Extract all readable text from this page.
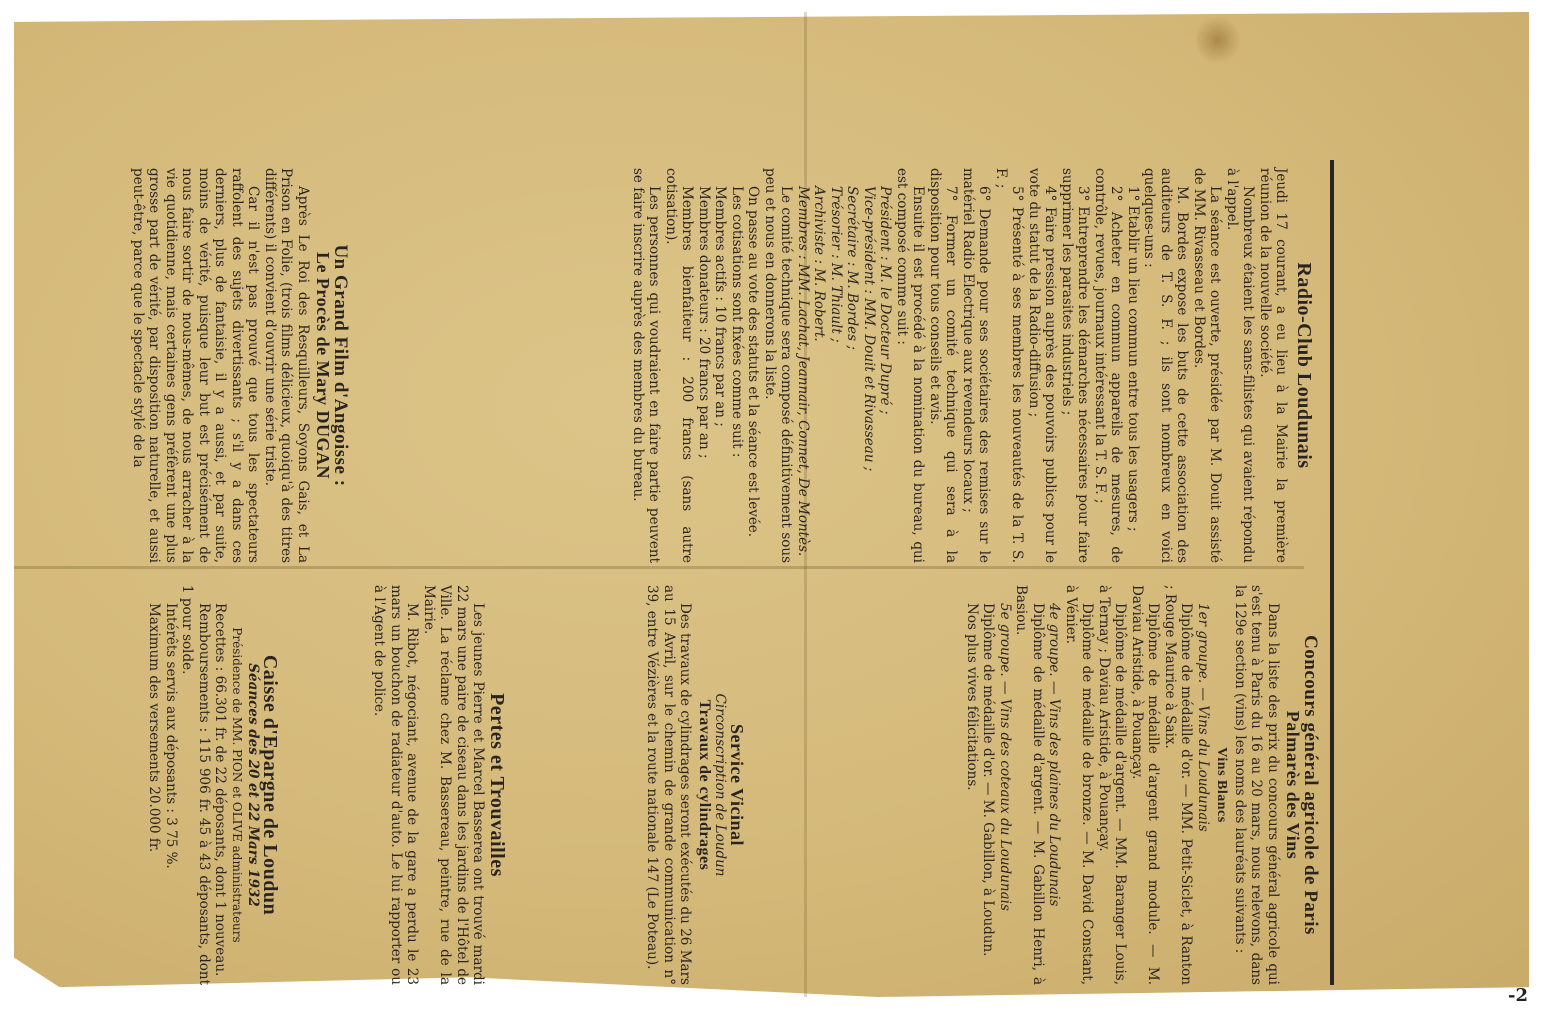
-2
Radio-Club Loudunais

Jeudi 17 courant, a eu lieu à la Mairie la première réunion de la nouvelle société.

Nombreux étaient les sans-filistes qui avaient répondu à l'appel.

La séance est ouverte, présidée par M. Douit assisté de MM. Rivasseau et Bordes.

M. Bordes expose les buts de cette association des auditeurs de T. S. F. ; ils sont nombreux en voici quelques-uns :

1° Etablir un lieu commun entre tous les usagers ;

2° Acheter en commun appareils de mesures, de contrôle, revues, journaux intéressant la T. S. F. ;

3° Entreprendre les démarches nécessaires pour faire supprimer les parasites industriels ;

4° Faire pression auprès des pouvoirs publics pour le vote du statut de la Radio-diffusion ;

5° Présenté à ses membres les nouveautés de la T. S. F. ;

6° Demande pour ses sociétaires des remises sur le matériel Radio Electrique aux revendeurs locaux ;

7° Former un comité technique qui sera à la disposition pour tous conseils et avis.

Ensuite il est procédé à la nomination du bureau, qui est composé comme suit :

Président : M. le Docteur Dupré ;

Vice-président : MM. Douit et Rivasseau ;

Secrétaire : M. Bordes ;

Trésorier : M. Thiault ;

Archiviste : M. Robert.

Membres : MM. Lachat, Jeannair, Connet, De Montès.

Le comité technique sera composé définitivement sous peu et nous en donnerons la liste.

On passe au vote des statuts et la séance est levée.

Les cotisations sont fixées comme suit :

Membres actifs : 10 francs par an ;

Membres donateurs : 20 francs par an ;

Membres bienfaiteur : 200 francs (sans autre cotisation).

Les personnes qui voudraient en faire partie peuvent se faire inscrire auprès des membres du bureau.

Un Grand Film d'Angoisse :
Le Procès de Mary DUGAN

Après Le Roi des Resquilleurs, Soyons Gais, et La Prison en Folie, (trois films délicieux, quoiqu'à des titres différents) il convient d'ouvrir une série triste.

Car il n'est pas prouvé que tous les spectateurs raffolent des sujets divertissants ; s'il y a dans ces derniers, plus de fantaisie, il y a aussi, et par suite, moins de vérité, puisque leur but est précisément de nous faire sortir de nous-mêmes, de nous arracher à la vie quotidienne, mais certaines gens préfèrent une plus grosse part de vérité, par disposition naturelle, et aussi peut-être, parce que le spectacle stylé de la

Concours général agricole de Paris
Palmarès des Vins

Dans la liste des prix du concours général agricole qui s'est tenu à Paris du 16 au 20 mars, nous relevons, dans la 129e section (vins) les noms des lauréats suivants :

Vins Blancs

1er groupe. — Vins du Loudunais

Diplôme de médaille d'or. — MM. Petit-Siclet, à Ranton ; Rouge Maurice à Saix.

Diplôme de médaille d'argent grand module. — M. Daviau Aristide, à Pouançay.

Diplôme de médaille d'argent. — MM. Baranger Louis, à Ternay ; Daviau Aristide, à Pouançay.

Diplôme de médaille de bronze. — M. David Constant, à Vénier.

4e groupe. — Vins des plaines du Loudunais

Diplôme de médaille d'argent. — M. Gabillon Henri, à Basiou.

5e groupe. — Vins des coteaux du Loudunais

Diplôme de médaille d'or. — M. Gabillon, à Loudun.

Nos plus vives félicitations.

Service Vicinal
Circonscription de Loudun
Travaux de cylindrages

Des travaux de cylindrages seront exécutés du 26 Mars au 15 Avril, sur le chemin de grande communication n° 39, entre Vézières et la route nationale 147 (Le Poteau).

Pertes et Trouvailles

Les jeunes Pierre et Marcel Basserea ont trouvé mardi 22 mars une paire de ciseau dans les jardins de l'Hôtel de Ville. La réclame chez M. Bassereau, peintre, rue de la Mairie.

M. Ribot, négociant, avenue de la gare a perdu le 23 mars un bouchon de radiateur d'auto. Le lui rapporter ou à l'Agent de police.

Caisse d'Epargne de Loudun
Séances des 20 et 22 Mars 1932
Présidence de MM. PION et OLIVE administrateurs

Recettes : 66.301 fr. de 22 déposants, dont 1 nouveau.

Remboursements : 115 906 fr. 45 à 43 déposants, dont 1 pour solde.

Intérêts servis aux déposants : 3 75 %.

Maximum des versements 20.000 fr.
